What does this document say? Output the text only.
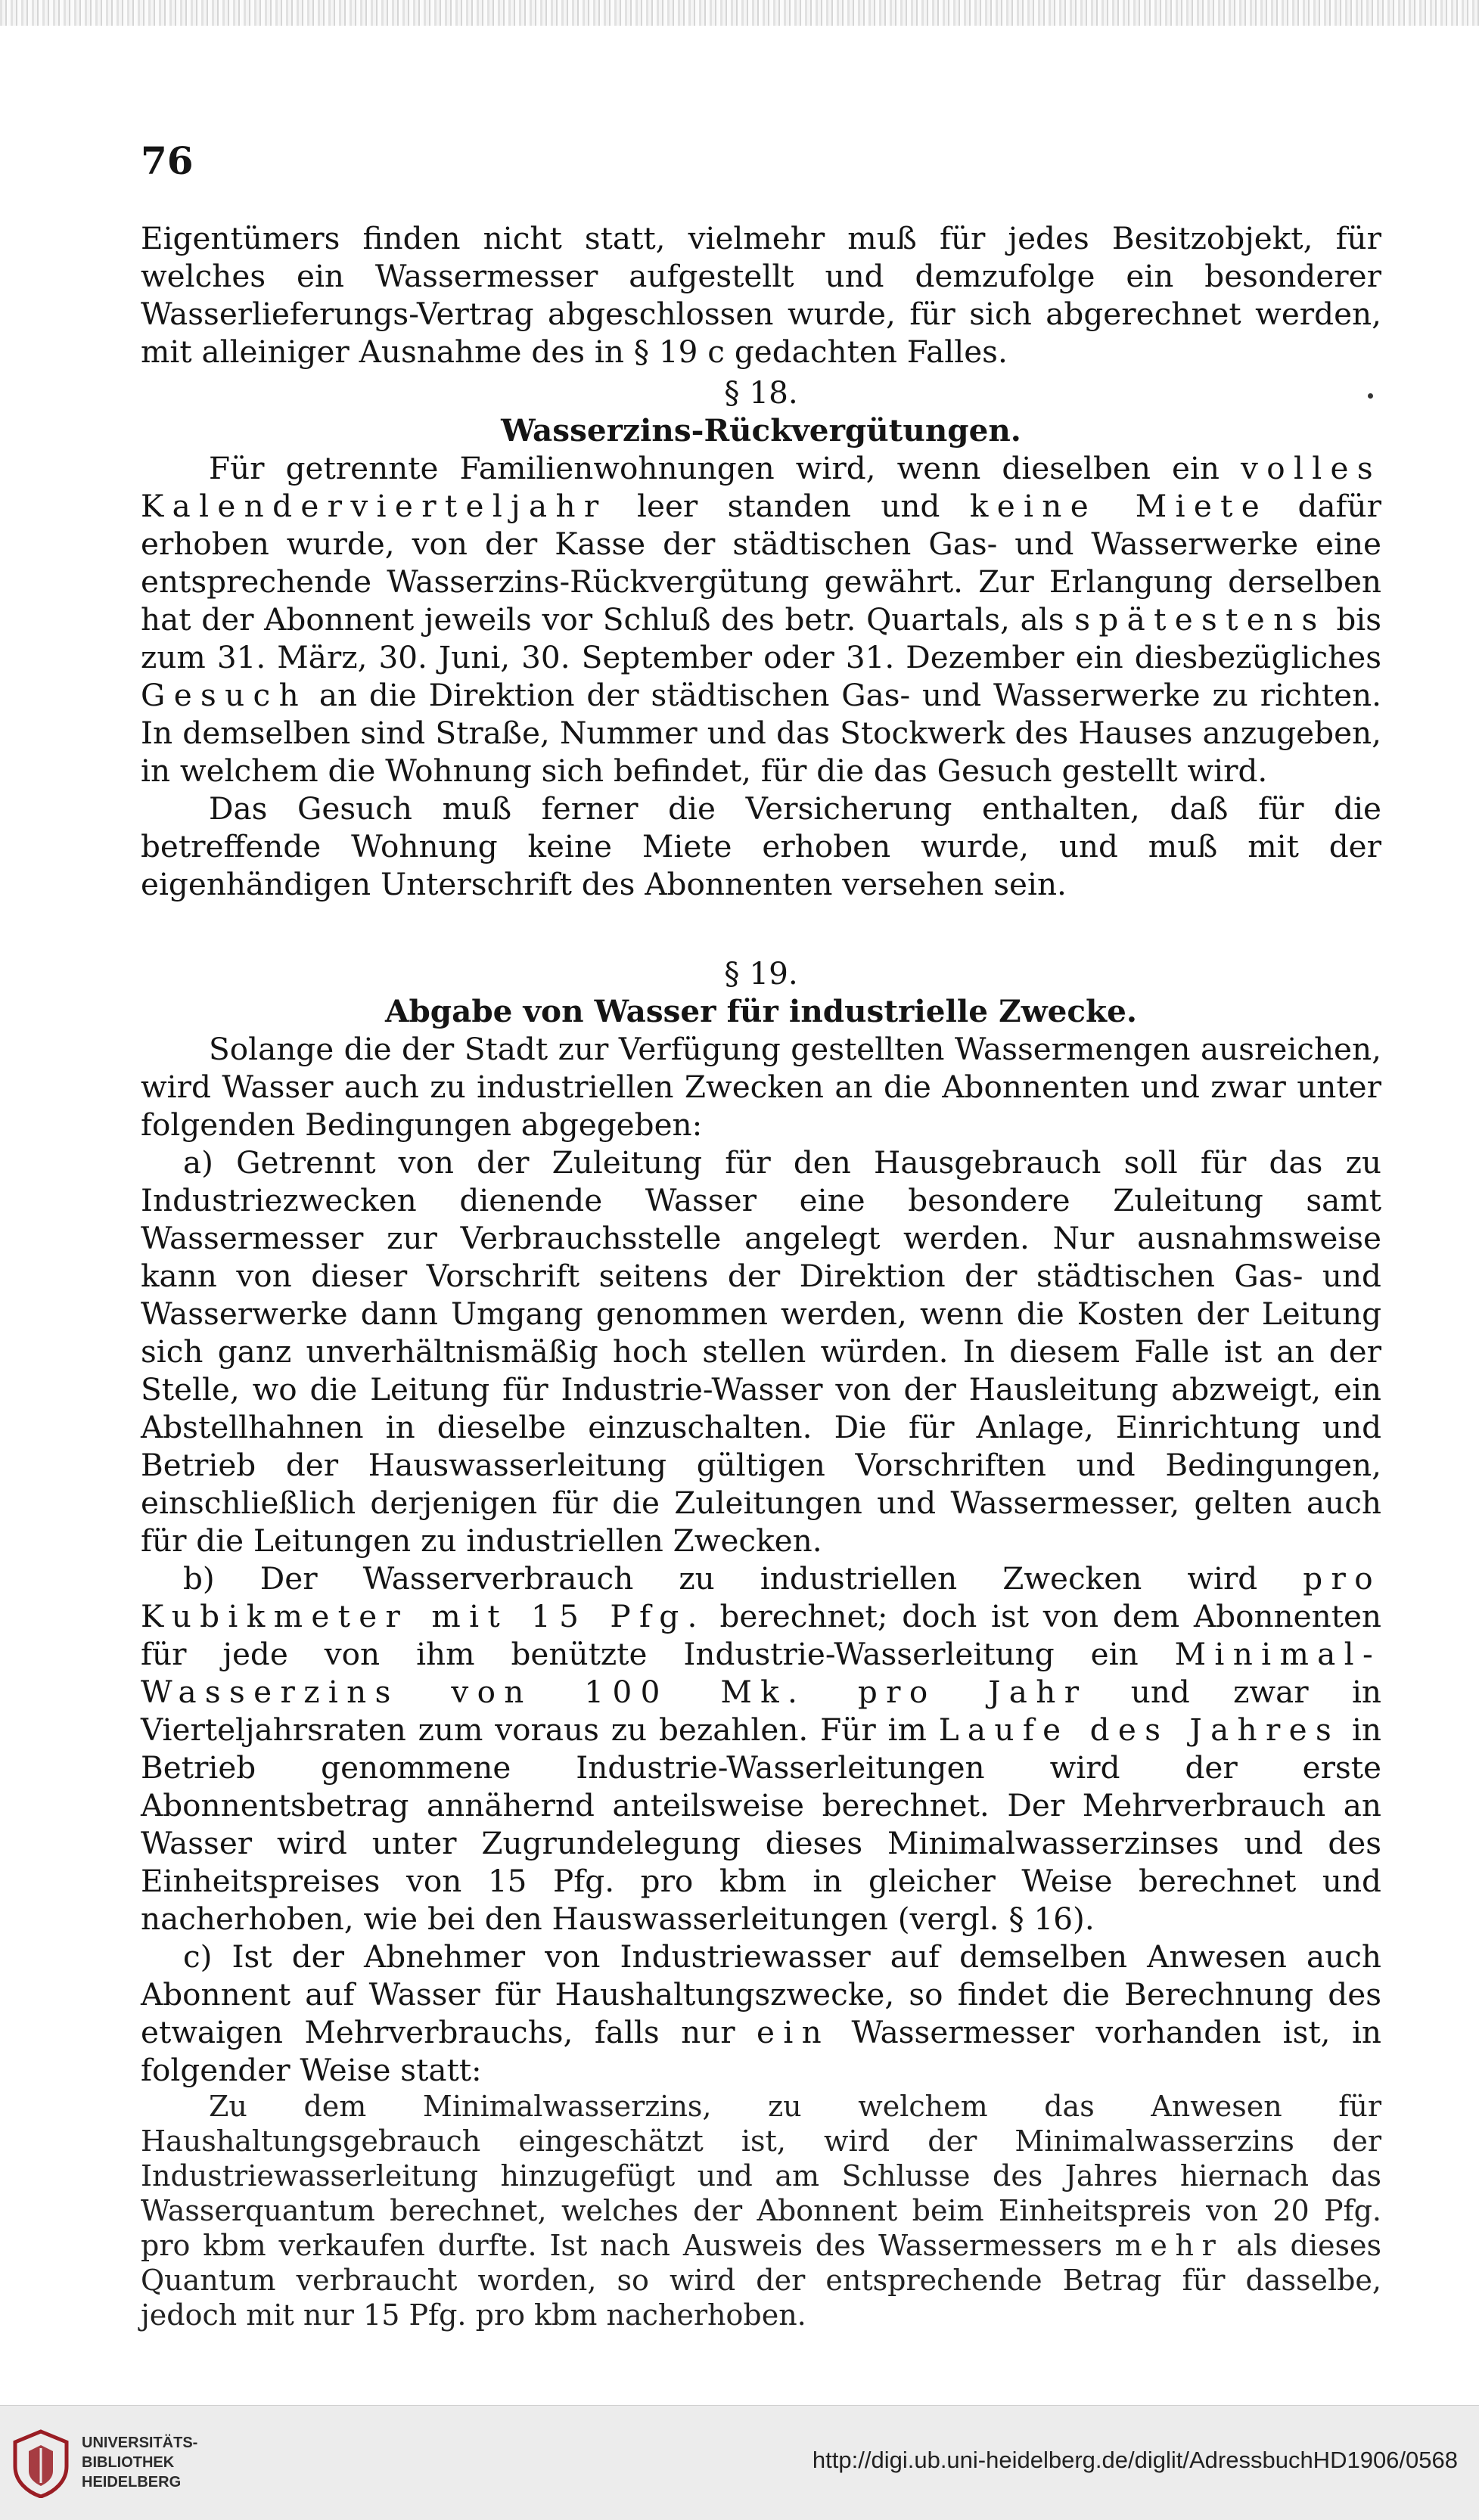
76

Eigentümers finden nicht statt, vielmehr muß für jedes Besitzobjekt, für welches ein Wassermesser aufgestellt und demzufolge ein besonderer Wasserlieferungs-Vertrag abgeschlossen wurde, für sich abgerechnet werden, mit alleiniger Ausnahme des in § 19 c gedachten Falles.

§ 18.

Wasserzins-Rückvergütungen.

Für getrennte Familienwohnungen wird, wenn dieselben ein volles Kalendervierteljahr leer standen und keine Miete dafür erhoben wurde, von der Kasse der städtischen Gas- und Wasserwerke eine entsprechende Wasserzins-Rückvergütung gewährt. Zur Erlangung derselben hat der Abonnent jeweils vor Schluß des betr. Quartals, als spätestens bis zum 31. März, 30. Juni, 30. September oder 31. Dezember ein diesbezügliches Gesuch an die Direktion der städtischen Gas- und Wasserwerke zu richten. In demselben sind Straße, Nummer und das Stockwerk des Hauses anzugeben, in welchem die Wohnung sich befindet, für die das Gesuch gestellt wird.

Das Gesuch muß ferner die Versicherung enthalten, daß für die betreffende Wohnung keine Miete erhoben wurde, und muß mit der eigenhändigen Unterschrift des Abonnenten versehen sein.

§ 19.

Abgabe von Wasser für industrielle Zwecke.

Solange die der Stadt zur Verfügung gestellten Wassermengen ausreichen, wird Wasser auch zu industriellen Zwecken an die Abonnenten und zwar unter folgenden Bedingungen abgegeben:

a) Getrennt von der Zuleitung für den Hausgebrauch soll für das zu Industriezwecken dienende Wasser eine besondere Zuleitung samt Wassermesser zur Verbrauchsstelle angelegt werden. Nur ausnahmsweise kann von dieser Vorschrift seitens der Direktion der städtischen Gas- und Wasserwerke dann Umgang genommen werden, wenn die Kosten der Leitung sich ganz unverhältnismäßig hoch stellen würden. In diesem Falle ist an der Stelle, wo die Leitung für Industrie-Wasser von der Hausleitung abzweigt, ein Abstellhahnen in dieselbe einzuschalten. Die für Anlage, Einrichtung und Betrieb der Hauswasserleitung gültigen Vorschriften und Bedingungen, einschließlich derjenigen für die Zuleitungen und Wassermesser, gelten auch für die Leitungen zu industriellen Zwecken.

b) Der Wasserverbrauch zu industriellen Zwecken wird pro Kubikmeter mit 15 Pfg. berechnet; doch ist von dem Abonnenten für jede von ihm benützte Industrie-Wasserleitung ein Minimal-Wasserzins von 100 Mk. pro Jahr und zwar in Vierteljahrsraten zum voraus zu bezahlen. Für im Laufe des Jahres in Betrieb genommene Industrie-Wasserleitungen wird der erste Abonnentsbetrag annähernd anteilsweise berechnet. Der Mehrverbrauch an Wasser wird unter Zugrundelegung dieses Minimalwasserzinses und des Einheitspreises von 15 Pfg. pro kbm in gleicher Weise berechnet und nacherhoben, wie bei den Hauswasserleitungen (vergl. § 16).

c) Ist der Abnehmer von Industriewasser auf demselben Anwesen auch Abonnent auf Wasser für Haushaltungszwecke, so findet die Berechnung des etwaigen Mehrverbrauchs, falls nur ein Wassermesser vorhanden ist, in folgender Weise statt:

Zu dem Minimalwasserzins, zu welchem das Anwesen für Haushaltungsgebrauch eingeschätzt ist, wird der Minimalwasserzins der Industriewasserleitung hinzugefügt und am Schlusse des Jahres hiernach das Wasserquantum berechnet, welches der Abonnent beim Einheitspreis von 20 Pfg. pro kbm verkaufen durfte. Ist nach Ausweis des Wassermessers mehr als dieses Quantum verbraucht worden, so wird der entsprechende Betrag für dasselbe, jedoch mit nur 15 Pfg. pro kbm nacherhoben.

UNIVERSITÄTS-
BIBLIOTHEK
HEIDELBERG

http://digi.ub.uni-heidelberg.de/diglit/AdressbuchHD1906/0568
